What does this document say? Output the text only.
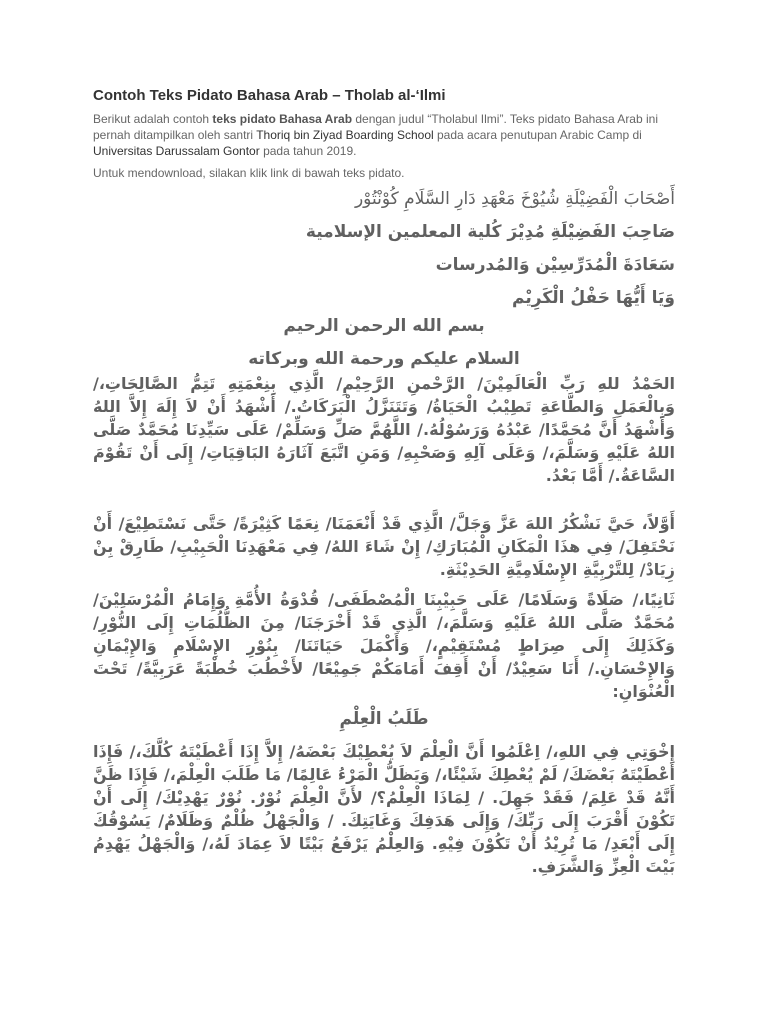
Contoh Teks Pidato Bahasa Arab – Tholab al-‘Ilmi

Berikut adalah contoh teks pidato Bahasa Arab dengan judul “Tholabul Ilmi”. Teks pidato Bahasa Arab ini pernah ditampilkan oleh santri Thoriq bin Ziyad Boarding School pada acara penutupan Arabic Camp di Universitas Darussalam Gontor pada tahun 2019.

Untuk mendownload, silakan klik link di bawah teks pidato.

أَصْحَابَ الْفَضِيْلَةِ شُيُوْخَ مَعْهَدِ دَارِ السَّلَامِ كُوْنْتُوْر
صَاحِبَ الفَضِيْلَةِ مُدِيْرَ كُلية المعلمين الإسلامية
سَعَادَةَ الْمُدَرِّسِيْن وَالمُدرسات
وَيَا أَيُّهَا حَفْلُ الْكَرِيْم
بسم الله الرحمن الرحيم
السلام عليكم ورحمة الله وبركاته

الحَمْدُ للهِ رَبِّ الْعَالَمِيْنَ/ الرَّحْمنِ الرَّحِيْمِ/ الَّذِي بِنِعْمَتِهِ تَتِمُّ الصَّالِحَاتِ،/ وَبِالْعَمَلِ وَالطَّاعَةِ تَطِيْبُ الْحَيَاةُ/ وَتَتَنَزَّلُ الْبَرَكَاتُ./ أَشْهَدُ أَنْ لاَ إِلَهَ إِلاَّ اللهُ وَأَشْهَدُ أَنَّ مُحَمَّدًا/ عَبْدُهُ وَرَسُوْلُهُ./ اللَّهُمَّ صَلِّ وَسَلِّمْ/ عَلَى سَيِّدِنَا مُحَمَّدٌ صَلَّى اللهُ عَلَيْهِ وَسَلَّمَ،/ وَعَلَى آلِهِ وَصَحْبِهِ/ وَمَنِ اتَّبَعَ آثَارَهُ البَاقِيَاتِ/ إِلَى أَنْ تَقُوْمَ السَّاعَةُ./ أَمَّا بَعْدُ.

أَوَّلاً، حَيَّ نَشْكُرُ اللهَ عَزَّ وَجَلَّ/ الَّذِي قَدْ أَنْعَمَنَا/ نِعَمًا كَثِيْرَةً/ حَتَّى نَسْتَطِيْعَ/ أَنْ نَحْتَفِلَ/ فِي هذَا الْمَكَانِ الْمُبَارَكِ/ إِنْ شَاءَ اللهُ/ فِي مَعْهَدِنَا الْحَبِيْبِ/ طَارِقْ بِنْ زِيَادْ/ لِلتَّرْبِيَّةِ الإِسْلَامِيَّةِ الحَدِيْثَةِ.

ثَانِيًا،/ صَلَاةً وَسَلَامًا/ عَلَى حَبِيْبِنَا الْمُصْطَفَى/ قُدْوَةُ الأُمَّةِ وَإِمَامُ الْمُرْسَلِيْنَ/ مُحَمَّدٌ صَلَّى اللهُ عَلَيْهِ وَسَلَّمَ،/ الَّذِي قَدْ أَخْرَجَنَا/ مِنَ الظُّلُمَاتِ إِلَى النُّوْرِ/ وَكَذَلِكَ إِلَى صِرَاطٍ مُسْتَقِيْمٍ،/ وَأَكْمَلَ حَيَاتَنَا/ بِنُوْرِ الإِسْلَامِ وَالإِيْمَانِ وَالإِحْسَانِ./ أَنَا سَعِيْدٌ/ أَنْ أَقِفَ أَمَامَكُمْ جَمِيْعًا/ لأَخْطُبَ خُطْبَةً عَرَبِيَّةً/ تَحْتَ الْعُنْوَانِ:

طَلَبُ الْعِلْمِ

إِخْوَتِي فِي اللهِ،/ اِعْلَمُوا أَنَّ الْعِلْمَ لاَ يُعْطِيْكَ بَعْضَهُ/ إِلاَّ إِذَا أَعْطَيْتَهُ كُلَّكَ،/ فَإِذَا أَعْطَيْتَهُ بَعْضَكَ/ لَمْ يُعْطِكَ شَيْئًا،/ وَيَظَلُّ الْمَرْءُ عَالِمًا/ مَا طَلَبَ الْعِلْمَ،/ فَإِذَا ظَنَّ أَنَّهُ قَدْ عَلِمَ/ فَقَدْ جَهِلَ. / لِمَاذَا الْعِلْمُ؟/ لأَنَّ الْعِلْمَ نُوْرٌ. نُوْرٌ يَهْدِيْكَ/ إِلَى أَنْ تَكُوْنَ أَقْرَبَ إِلَى رَبِّكَ/ وَإِلَى هَدَفِكَ وَغَايَتِكَ. / وَالْجَهْلُ ظُلْمٌ وَظَلَامٌ/ يَسُوْقُكَ إِلَى أَبْعَدِ/ مَا تُرِيْدُ أَنْ تَكُوْنَ فِيْهِ. وَالعِلْمُ يَرْفَعُ بَيْتًا لاَ عِمَادَ لَهُ،/ وَالْجَهْلُ يَهْدِمُ بَيْتَ الْعِزِّ وَالشَّرَفِ.
